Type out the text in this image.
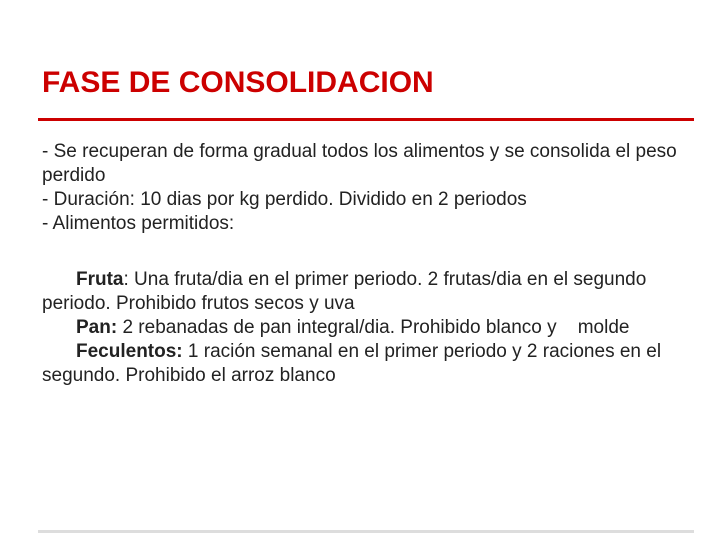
FASE DE CONSOLIDACION

- Se recuperan de forma gradual todos los alimentos y se consolida el peso perdido

- Duración: 10 dias por kg perdido. Dividido en 2 periodos

- Alimentos permitidos:

Fruta: Una fruta/dia en el primer periodo. 2 frutas/dia en el segundo periodo. Prohibido frutos secos y uva

Pan: 2 rebanadas de pan integral/dia. Prohibido blanco y    molde

Feculentos: 1 ración semanal en el primer periodo y 2 raciones en el segundo. Prohibido el arroz blanco
